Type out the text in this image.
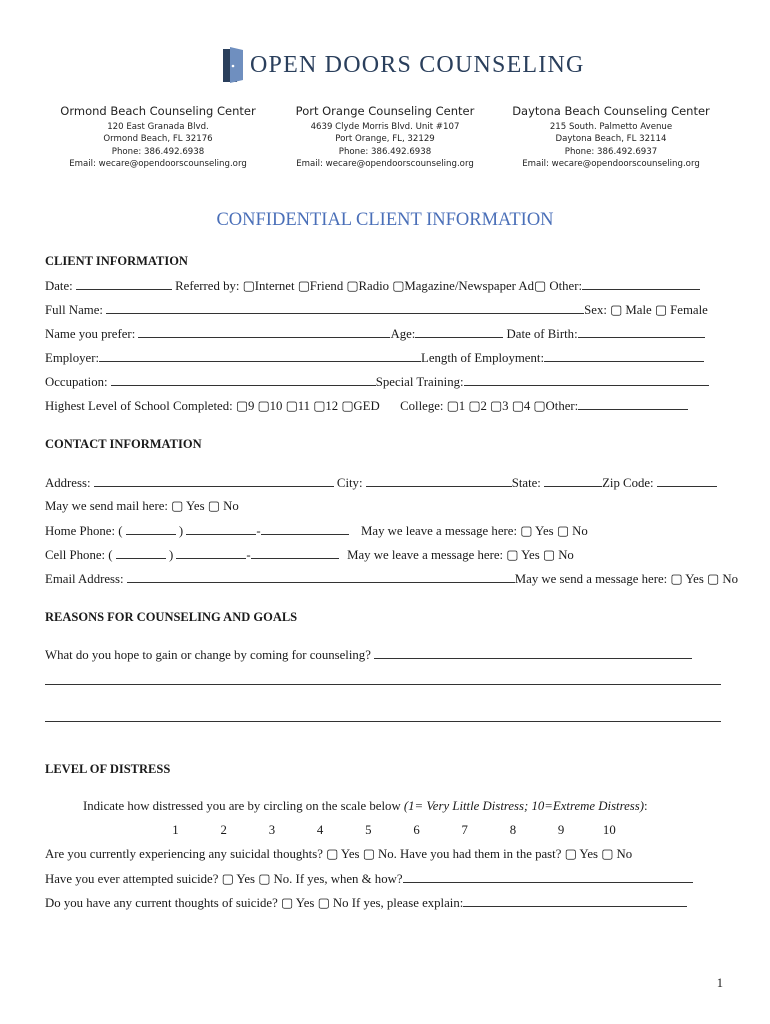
OPEN DOORS COUNSELING
Ormond Beach Counseling Center
120 East Granada Blvd.
Ormond Beach, FL 32176
Phone: 386.492.6938
Email: wecare@opendoorscounseling.org
Port Orange Counseling Center
4639 Clyde Morris Blvd. Unit #107
Port Orange, FL, 32129
Phone: 386.492.6938
Email: wecare@opendoorscounseling.org
Daytona Beach Counseling Center
215 South. Palmetto Avenue
Daytona Beach, FL 32114
Phone: 386.492.6937
Email: wecare@opendoorscounseling.org
CONFIDENTIAL CLIENT INFORMATION
CLIENT INFORMATION
Date:	Referred by: ▢Internet ▢Friend ▢Radio ▢Magazine/Newspaper Ad▢ Other:
Full Name:	Sex: ▢ Male ▢ Female
Name you prefer:	Age:	Date of Birth:
Employer:	Length of Employment:
Occupation:	Special Training:
Highest Level of School Completed: ▢9 ▢10 ▢11 ▢12 ▢GED College: ▢1 ▢2 ▢3 ▢4 ▢Other:
CONTACT INFORMATION
Address:	City:	State:	Zip Code:
May we send mail here: ▢ Yes ▢ No
Home Phone: (	)	-	May we leave a message here: ▢ Yes ▢ No
Cell Phone: (	)	-	May we leave a message here: ▢ Yes ▢ No
Email Address:	May we send a message here: ▢ Yes ▢ No
REASONS FOR COUNSELING AND GOALS
What do you hope to gain or change by coming for counseling?
LEVEL OF DISTRESS
Indicate how distressed you are by circling on the scale below (1= Very Little Distress; 10=Extreme Distress):
1	2	3	4	5	6	7	8	9	10
Are you currently experiencing any suicidal thoughts? ▢ Yes ▢ No. Have you had them in the past? ▢ Yes ▢ No
Have you ever attempted suicide? ▢ Yes ▢ No. If yes, when & how?
Do you have any current thoughts of suicide? ▢ Yes ▢ No If yes, please explain:
1
